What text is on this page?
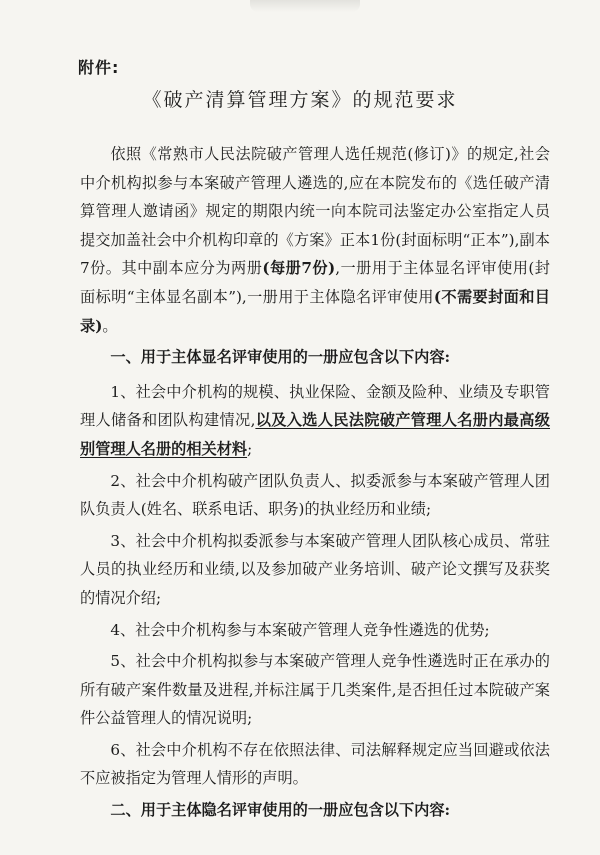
附件:
《破产清算管理方案》的规范要求

依照《常熟市人民法院破产管理人选任规范(修订)》的规定,社会中介机构拟参与本案破产管理人遴选的,应在本院发布的《选任破产清算管理人邀请函》规定的期限内统一向本院司法鉴定办公室指定人员提交加盖社会中介机构印章的《方案》正本1份(封面标明“正本”),副本7份。其中副本应分为两册(每册7份),一册用于主体显名评审使用(封面标明“主体显名副本”),一册用于主体隐名评审使用(不需要封面和目录)。

一、用于主体显名评审使用的一册应包含以下内容:

1、社会中介机构的规模、执业保险、金额及险种、业绩及专职管理人储备和团队构建情况,以及入选人民法院破产管理人名册内最高级别管理人名册的相关材料;

2、社会中介机构破产团队负责人、拟委派参与本案破产管理人团队负责人(姓名、联系电话、职务)的执业经历和业绩;

3、社会中介机构拟委派参与本案破产管理人团队核心成员、常驻人员的执业经历和业绩,以及参加破产业务培训、破产论文撰写及获奖的情况介绍;

4、社会中介机构参与本案破产管理人竞争性遴选的优势;

5、社会中介机构拟参与本案破产管理人竞争性遴选时正在承办的所有破产案件数量及进程,并标注属于几类案件,是否担任过本院破产案件公益管理人的情况说明;

6、社会中介机构不存在依照法律、司法解释规定应当回避或依法不应被指定为管理人情形的声明。

二、用于主体隐名评审使用的一册应包含以下内容:
